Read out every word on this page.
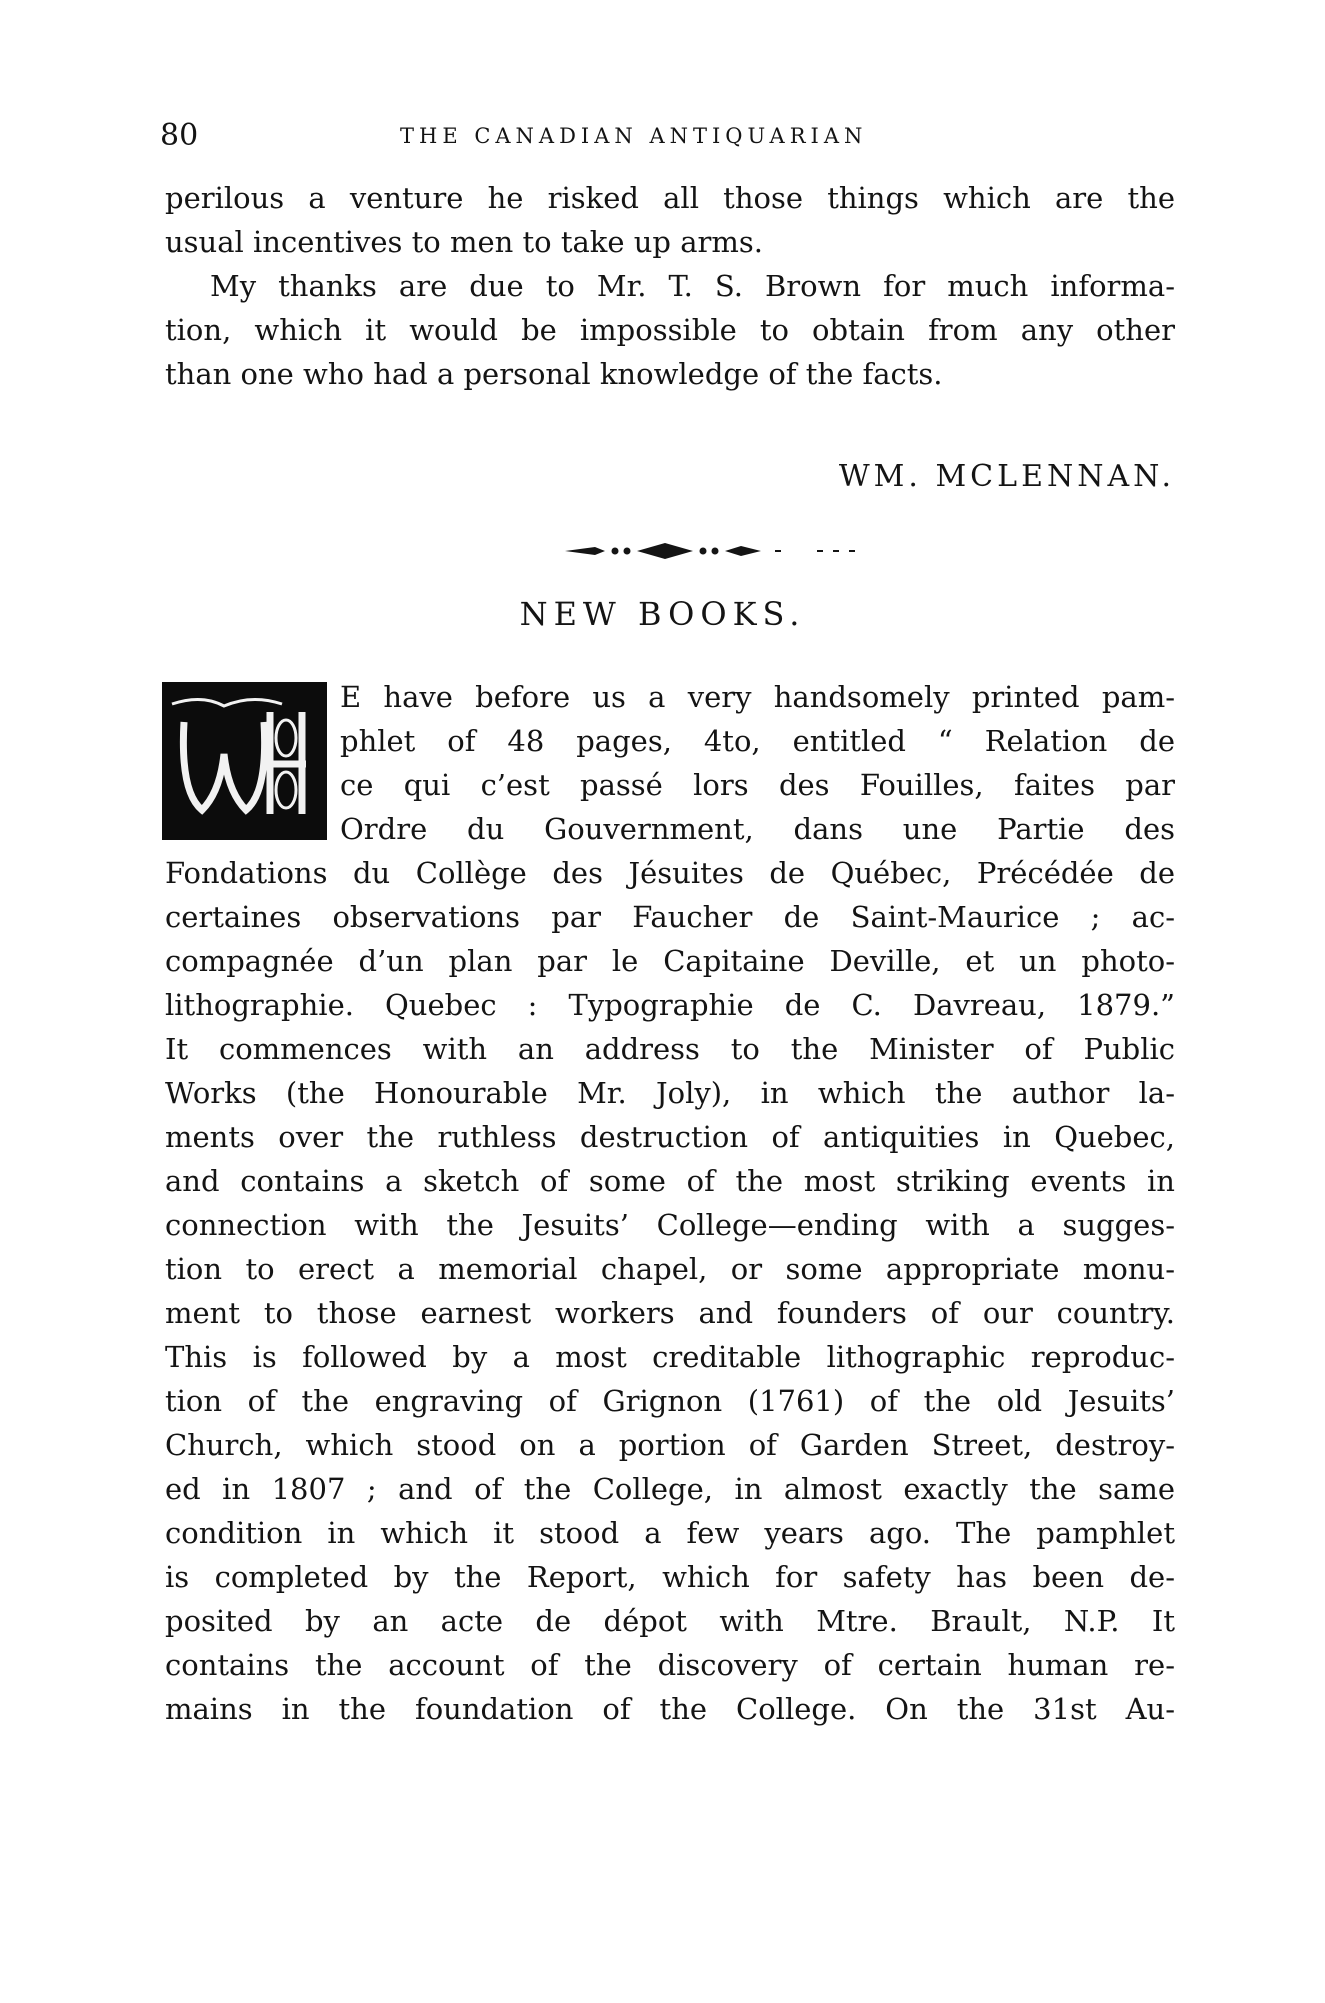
80	THE CANADIAN ANTIQUARIAN
perilous a venture he risked all those things which are the
usual incentives to men to take up arms.
My thanks are due to Mr. T. S. Brown for much informa-
tion, which it would be impossible to obtain from any other
than one who had a personal knowledge of the facts.
WM. MCLENNAN.
NEW BOOKS.
E have before us a very handsomely printed pam-
phlet of 48 pages, 4to, entitled “ Relation de
ce qui c’est passé lors des Fouilles, faites par
Ordre du Gouvernment, dans une Partie des
Fondations du Collège des Jésuites de Québec, Précédée de
certaines observations par Faucher de Saint-Maurice ; ac-
compagnée d’un plan par le Capitaine Deville, et un photo-
lithographie. Quebec : Typographie de C. Davreau, 1879.”
It commences with an address to the Minister of Public
Works (the Honourable Mr. Joly), in which the author la-
ments over the ruthless destruction of antiquities in Quebec,
and contains a sketch of some of the most striking events in
connection with the Jesuits’ College—ending with a sugges-
tion to erect a memorial chapel, or some appropriate monu-
ment to those earnest workers and founders of our country.
This is followed by a most creditable lithographic reproduc-
tion of the engraving of Grignon (1761) of the old Jesuits’
Church, which stood on a portion of Garden Street, destroy-
ed in 1807 ; and of the College, in almost exactly the same
condition in which it stood a few years ago. The pamphlet
is completed by the Report, which for safety has been de-
posited by an acte de dépot with Mtre. Brault, N.P. It
contains the account of the discovery of certain human re-
mains in the foundation of the College. On the 31st Au-
